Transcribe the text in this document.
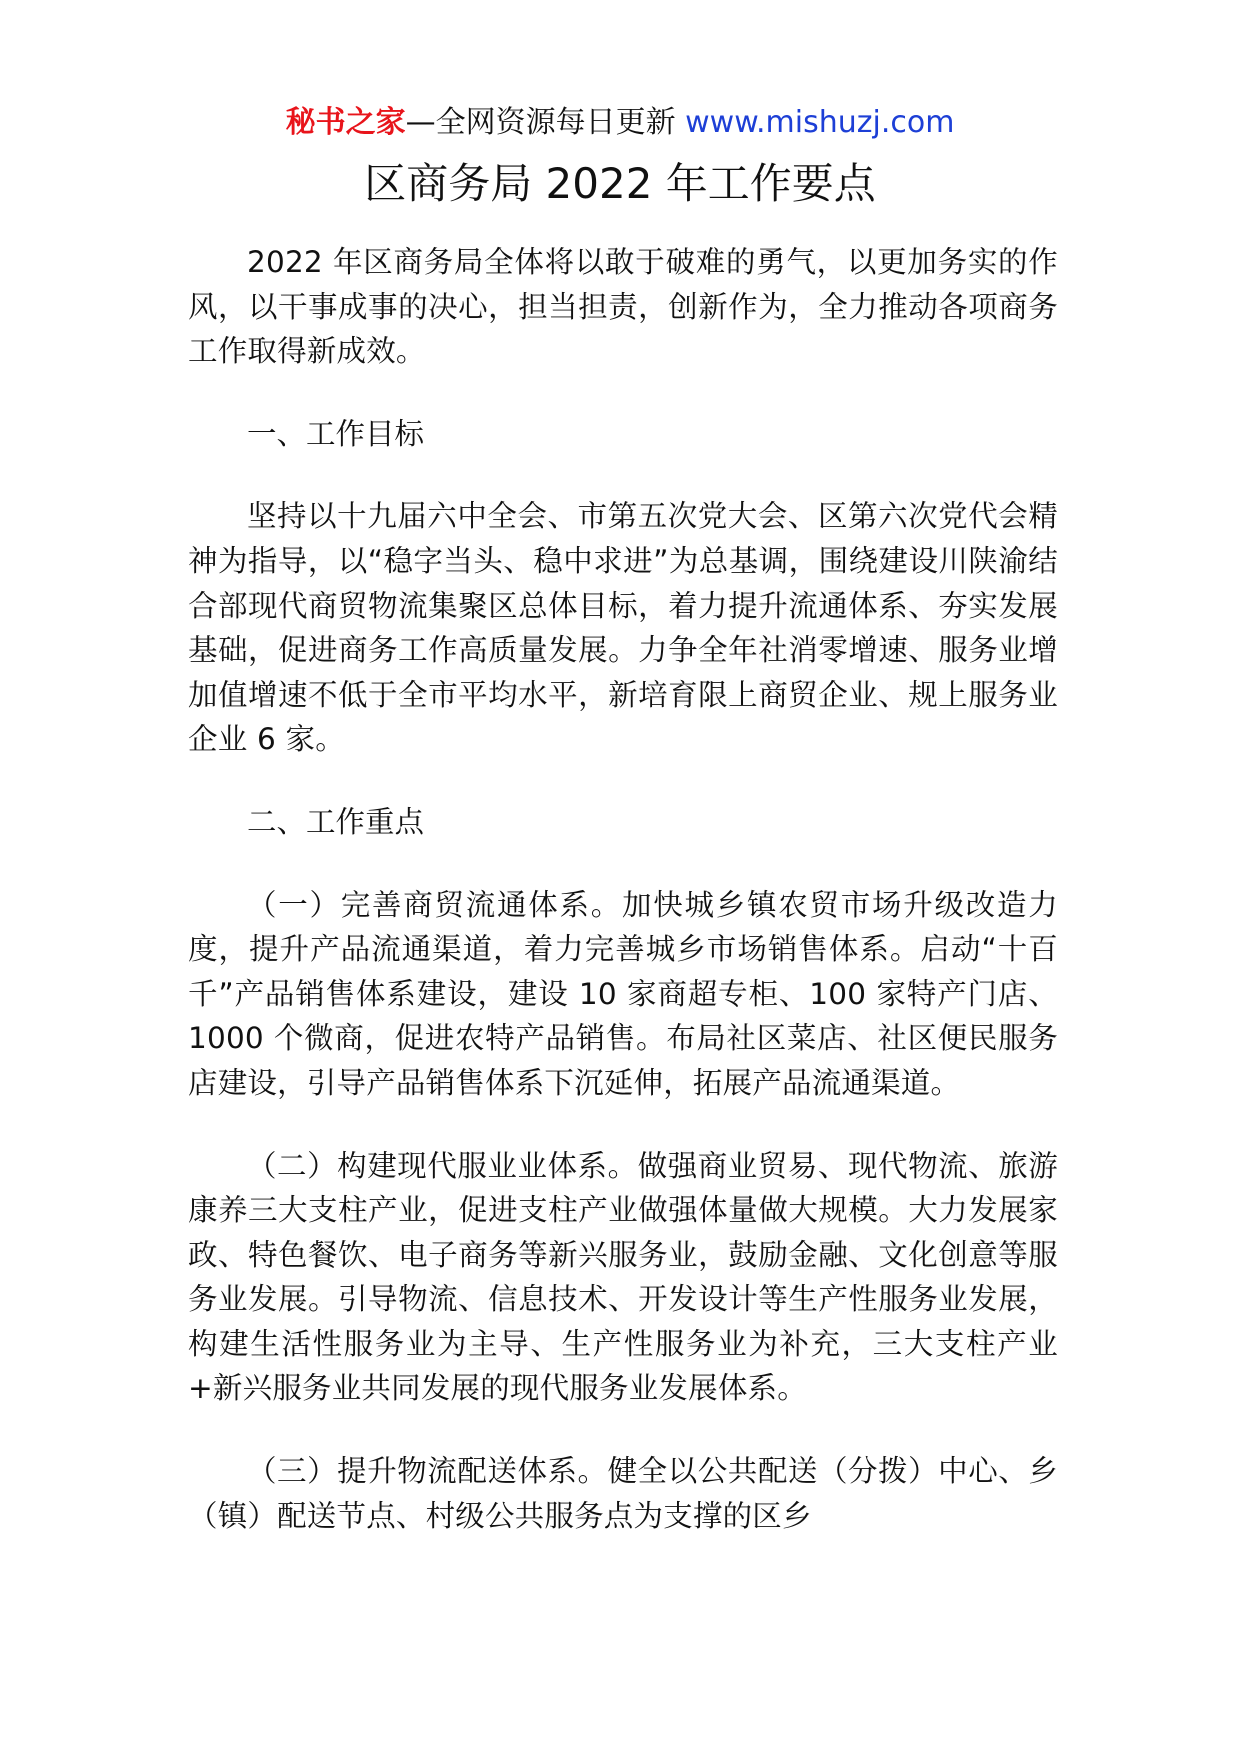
秘书之家—全网资源每日更新 www.mishuzj.com
区商务局 2022 年工作要点

2022 年区商务局全体将以敢于破难的勇气，以更加务实的作风，以干事成事的决心，担当担责，创新作为，全力推动各项商务工作取得新成效。

一、工作目标

坚持以十九届六中全会、市第五次党大会、区第六次党代会精神为指导，以“稳字当头、稳中求进”为总基调，围绕建设川陕渝结合部现代商贸物流集聚区总体目标，着力提升流通体系、夯实发展基础，促进商务工作高质量发展。力争全年社消零增速、服务业增加值增速不低于全市平均水平，新培育限上商贸企业、规上服务业企业 6 家。

二、工作重点

（一）完善商贸流通体系。加快城乡镇农贸市场升级改造力度，提升产品流通渠道，着力完善城乡市场销售体系。启动“十百千”产品销售体系建设，建设 10 家商超专柜、100 家特产门店、1000 个微商，促进农特产品销售。布局社区菜店、社区便民服务店建设，引导产品销售体系下沉延伸，拓展产品流通渠道。

（二）构建现代服业业体系。做强商业贸易、现代物流、旅游康养三大支柱产业，促进支柱产业做强体量做大规模。大力发展家政、特色餐饮、电子商务等新兴服务业，鼓励金融、文化创意等服务业发展。引导物流、信息技术、开发设计等生产性服务业发展，构建生活性服务业为主导、生产性服务业为补充，三大支柱产业+新兴服务业共同发展的现代服务业发展体系。

（三）提升物流配送体系。健全以公共配送（分拨）中心、乡（镇）配送节点、村级公共服务点为支撑的区乡
